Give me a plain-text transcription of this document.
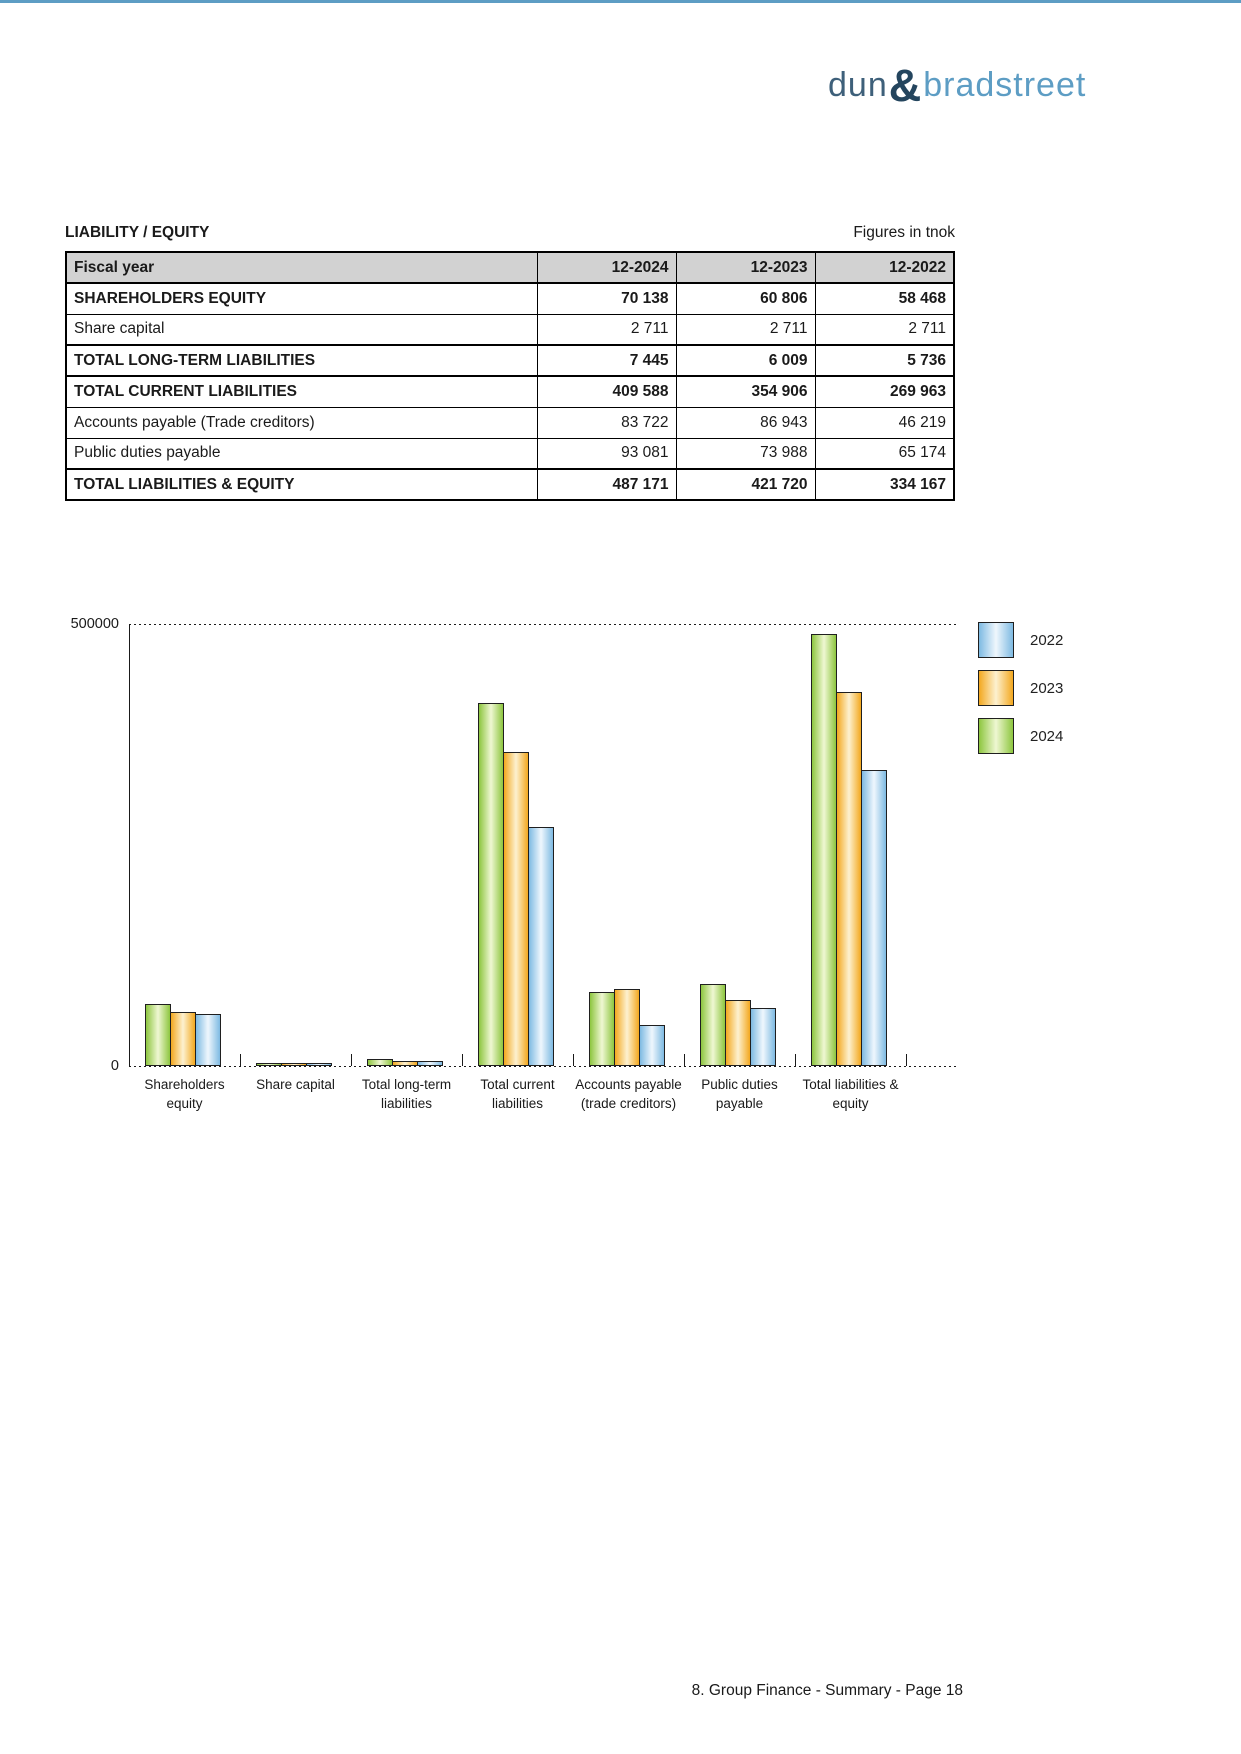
dun&bradstreet
LIABILITY / EQUITY	Figures in tnok
Fiscal year	12-2024	12-2023	12-2022
SHAREHOLDERS EQUITY	70 138	60 806	58 468
Share capital	2 711	2 711	2 711
TOTAL LONG-TERM LIABILITIES	7 445	6 009	5 736
TOTAL CURRENT LIABILITIES	409 588	354 906	269 963
Accounts payable (Trade creditors)	83 722	86 943	46 219
Public duties payable	93 081	73 988	65 174
TOTAL LIABILITIES & EQUITY	487 171	421 720	334 167
500000
0
Shareholders
equity
Share capital	Total long-term
liabilities
Total current
liabilities
Accounts payable
(trade creditors)
Public duties
payable
Total liabilities &
equity
2022
2023
2024
8. Group Finance - Summary - Page 18
